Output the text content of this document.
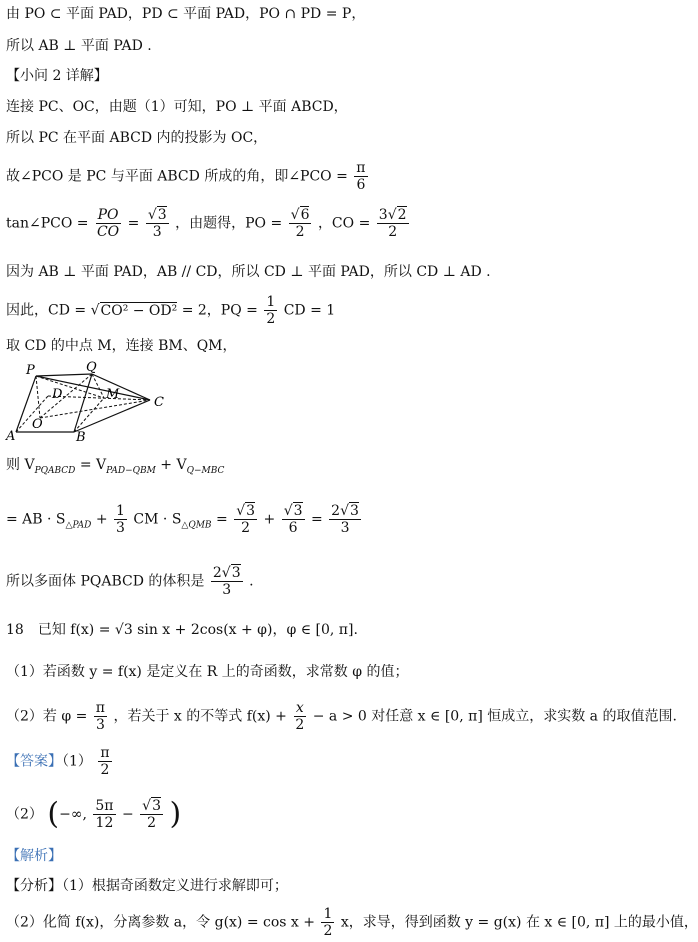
由 PO ⊂ 平面 PAD，PD ⊂ 平面 PAD，PO ∩ PD = P，
所以 AB ⊥ 平面 PAD .
【小问 2 详解】
连接 PC、OC，由题（1）可知，PO ⊥ 平面 ABCD，
所以 PC 在平面 ABCD 内的投影为 OC，
故∠PCO 是 PC 与平面 ABCD 所成的角，即∠PCO = $\frac{\pi}{6}$
tan∠PCO = $\frac{PO}{CO} = \frac{√3}{3}$ ，由题得，PO = $\frac{√6}{2}$ ，CO = $\frac{3√2}{2}$
因为 AB ⊥ 平面 PAD，AB // CD，所以 CD ⊥ 平面 PAD，所以 CD ⊥ AD .
因此，CD = √CO² − OD² = 2，PQ = $\frac{1}{2}$ CD = 1
取 CD 的中点 M，连接 BM、QM，
P	Q
D	M
C
A
O
B
则 $V_{PQABCD} = V_{PAD-QBM} + V_{Q-MBC}$
= AB · $S_{\triangle PAD} + \frac{1}{3}$ CM · $S_{\triangle QMB} = \frac{√3}{2} + \frac{√3}{6} = \frac{2√3}{3}$
所以多面体 PQABCD 的体积是 $\frac{2√3}{3}$ .
18　已知 f(x) = √3 sin x + 2cos(x + φ)，φ ∈ [0, π].
（1）若函数 y = f(x) 是定义在 R 上的奇函数，求常数 φ 的值；
（2）若 $\varphi = \frac{\pi}{3}$ ，若关于 x 的不等式 $f(x) + \frac{x}{2} - a > 0$ 对任意 x ∈ [0, π] 恒成立，求实数 a 的取值范围.
【答案】$(1) \frac{\pi}{2}$
（2） (−∞, $\frac{5\pi}{12} - \frac{√3}{2}$ )
【解析】
【分析】（1）根据奇函数定义进行求解即可；
（2）化简 f(x)，分离参数 a，令 $g(x) = \cos x + \frac{1}{2}$ x，求导，得到函数 y = g(x) 在 x ∈ [0, π] 上的最小值，
